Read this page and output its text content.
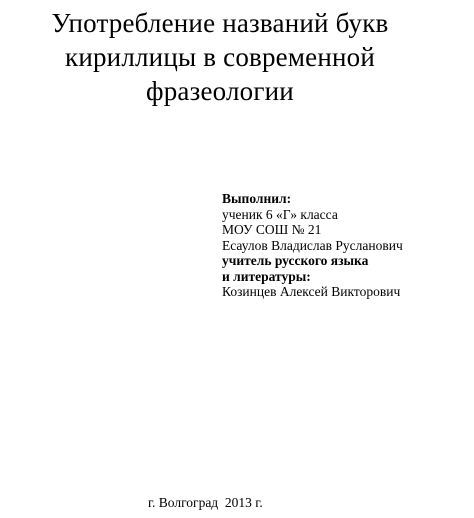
Употребление названий букв
кириллицы в современной
фразеологии
Выполнил:
ученик 6 «Г» класса
МОУ СОШ № 21
Есаулов Владислав Русланович
учитель русского языка
и литературы:
Козинцев Алексей Викторович
г. Волгоград  2013 г.
